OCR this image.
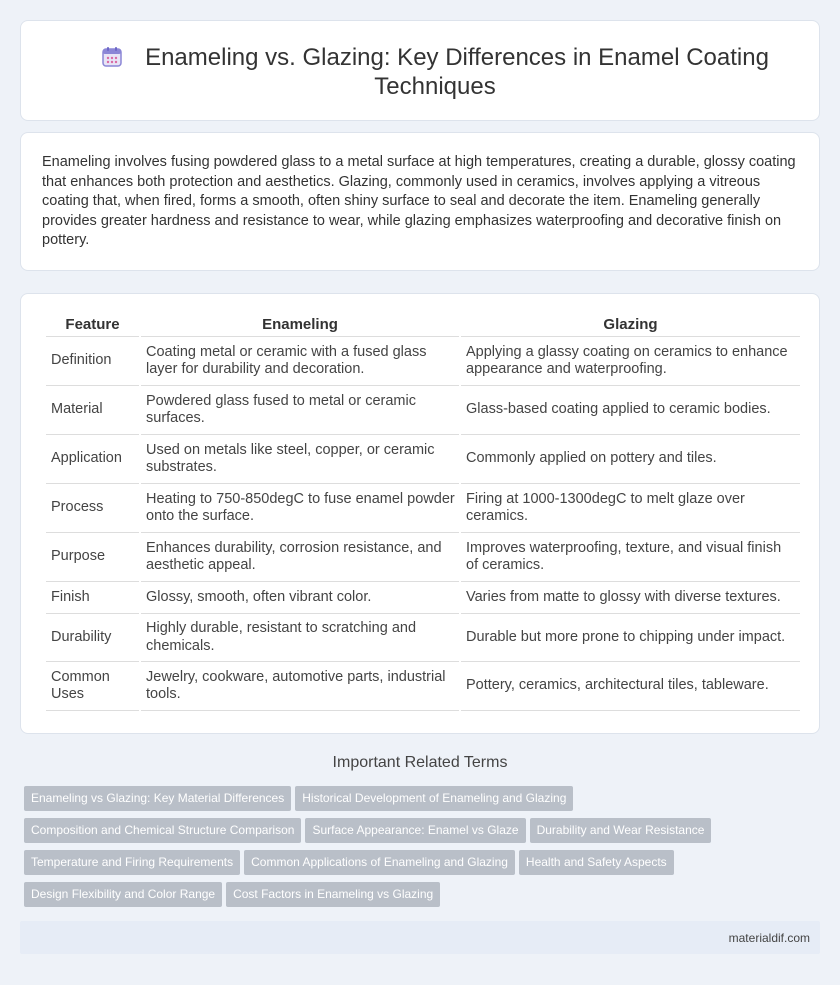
Enameling vs. Glazing: Key Differences in Enamel Coating Techniques

Enameling involves fusing powdered glass to a metal surface at high temperatures, creating a durable, glossy coating that enhances both protection and aesthetics. Glazing, commonly used in ceramics, involves applying a vitreous coating that, when fired, forms a smooth, often shiny surface to seal and decorate the item. Enameling generally provides greater hardness and resistance to wear, while glazing emphasizes waterproofing and decorative finish on pottery.

Feature	Enameling	Glazing
Definition	Coating metal or ceramic with a fused glass layer for durability and decoration.	Applying a glassy coating on ceramics to enhance appearance and waterproofing.
Material	Powdered glass fused to metal or ceramic surfaces.	Glass-based coating applied to ceramic bodies.
Application	Used on metals like steel, copper, or ceramic substrates.	Commonly applied on pottery and tiles.
Process	Heating to 750-850degC to fuse enamel powder onto the surface.	Firing at 1000-1300degC to melt glaze over ceramics.
Purpose	Enhances durability, corrosion resistance, and aesthetic appeal.	Improves waterproofing, texture, and visual finish of ceramics.
Finish	Glossy, smooth, often vibrant color.	Varies from matte to glossy with diverse textures.
Durability	Highly durable, resistant to scratching and chemicals.	Durable but more prone to chipping under impact.
Common Uses	Jewelry, cookware, automotive parts, industrial tools.	Pottery, ceramics, architectural tiles, tableware.
Important Related Terms
Enameling vs Glazing: Key Material Differences Historical Development of Enameling and Glazing
Composition and Chemical Structure Comparison Surface Appearance: Enamel vs Glaze Durability and Wear Resistance
Temperature and Firing Requirements Common Applications of Enameling and Glazing Health and Safety Aspects
Design Flexibility and Color Range Cost Factors in Enameling vs Glazing
materialdif.com
